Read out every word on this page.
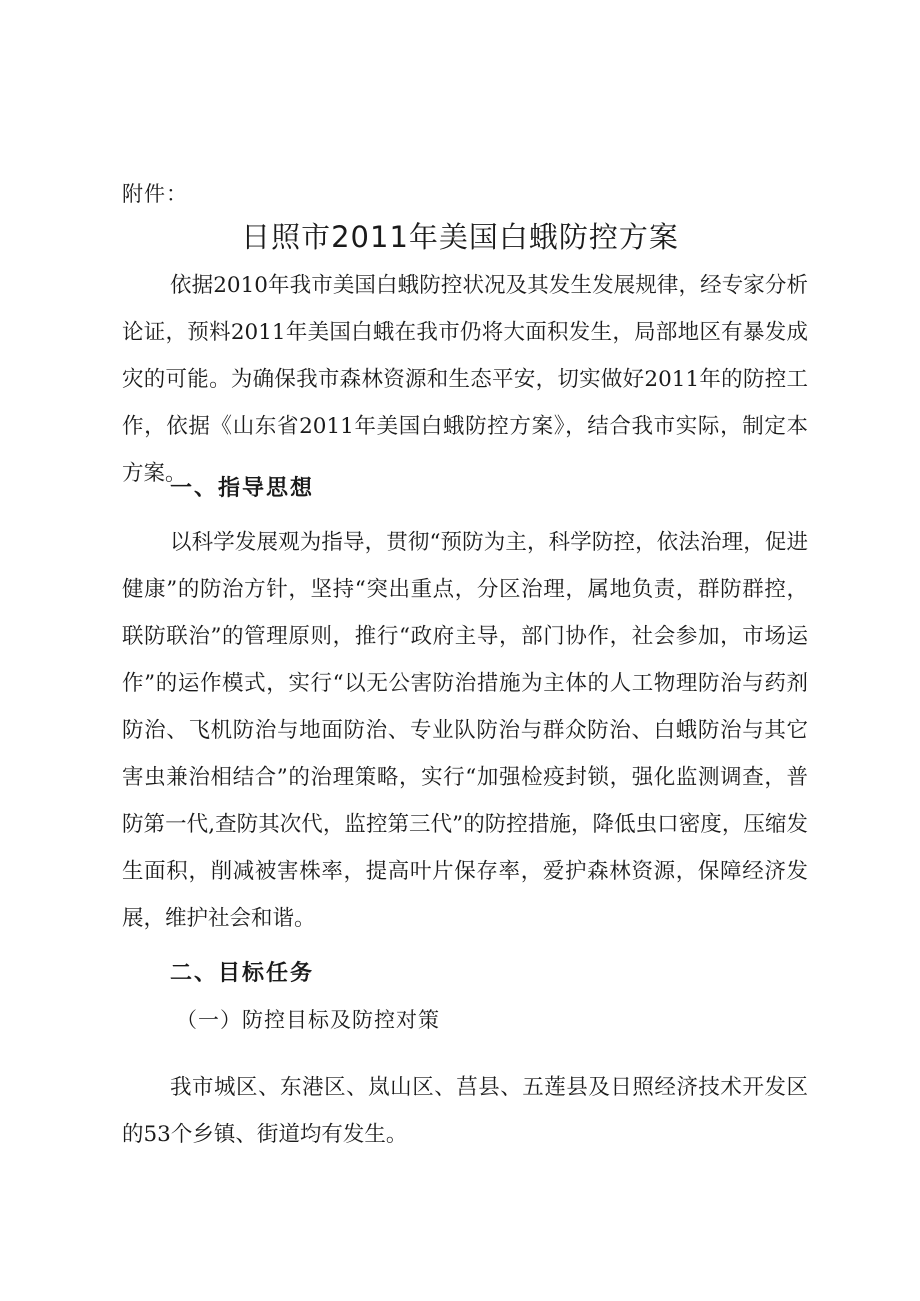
附件：
日照市2011年美国白蛾防控方案

依据2010年我市美国白蛾防控状况及其发生发展规律，经专家分析论证，预料2011年美国白蛾在我市仍将大面积发生，局部地区有暴发成灾的可能。为确保我市森林资源和生态平安，切实做好2011年的防控工作，依据《山东省2011年美国白蛾防控方案》，结合我市实际，制定本方案。

一、指导思想

以科学发展观为指导，贯彻“预防为主，科学防控，依法治理，促进健康”的防治方针，坚持“突出重点，分区治理，属地负责，群防群控，联防联治”的管理原则，推行“政府主导，部门协作，社会参加，市场运作”的运作模式，实行“以无公害防治措施为主体的人工物理防治与药剂防治、飞机防治与地面防治、专业队防治与群众防治、白蛾防治与其它害虫兼治相结合”的治理策略，实行“加强检疫封锁，强化监测调查，普防第一代,查防其次代，监控第三代”的防控措施，降低虫口密度，压缩发生面积，削减被害株率，提高叶片保存率，爱护森林资源，保障经济发展，维护社会和谐。

二、目标任务
（一）防控目标及防控对策

我市城区、东港区、岚山区、莒县、五莲县及日照经济技术开发区的53个乡镇、街道均有发生。
